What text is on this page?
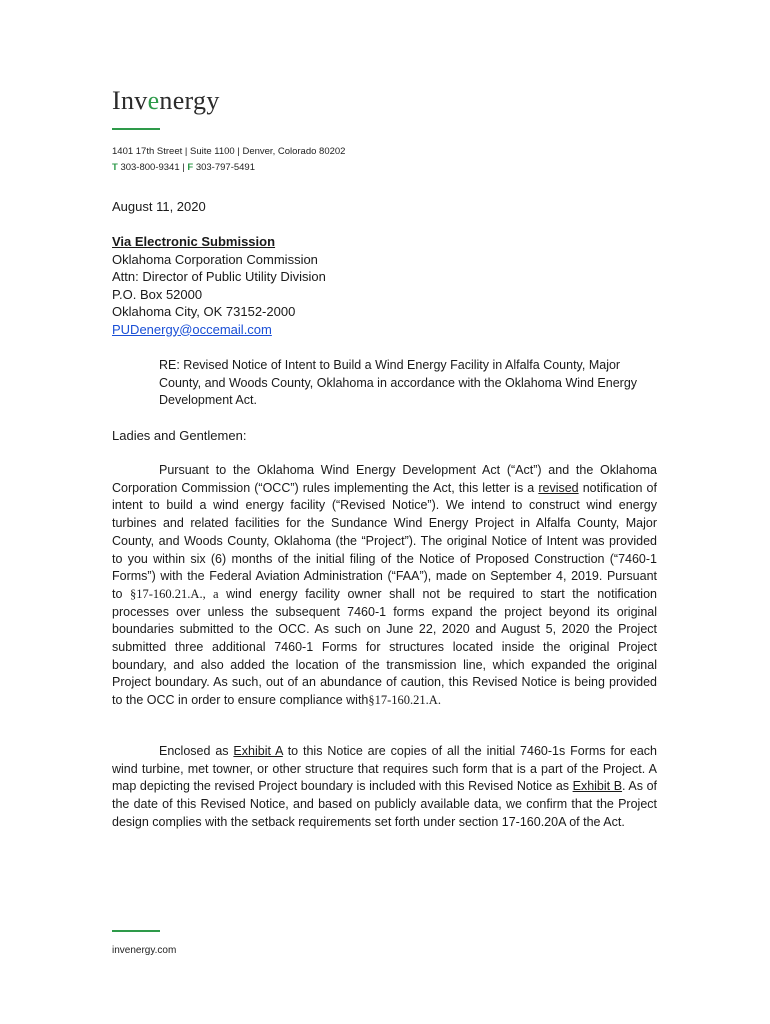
Invenergy
1401 17th Street | Suite 1100 | Denver, Colorado 80202
T 303-800-9341 | F 303-797-5491
August 11, 2020
Via Electronic Submission
Oklahoma Corporation Commission
Attn: Director of Public Utility Division
P.O. Box 52000
Oklahoma City, OK 73152-2000
PUDenergy@occemail.com
RE: Revised Notice of Intent to Build a Wind Energy Facility in Alfalfa County, Major County, and Woods County, Oklahoma in accordance with the Oklahoma Wind Energy Development Act.
Ladies and Gentlemen:
Pursuant to the Oklahoma Wind Energy Development Act (“Act”) and the Oklahoma Corporation Commission (“OCC”) rules implementing the Act, this letter is a revised notification of intent to build a wind energy facility (“Revised Notice”). We intend to construct wind energy turbines and related facilities for the Sundance Wind Energy Project in Alfalfa County, Major County, and Woods County, Oklahoma (the “Project”). The original Notice of Intent was provided to you within six (6) months of the initial filing of the Notice of Proposed Construction (“7460-1 Forms”) with the Federal Aviation Administration (“FAA”), made on September 4, 2019. Pursuant to §17-160.21.A., a wind energy facility owner shall not be required to start the notification processes over unless the subsequent 7460-1 forms expand the project beyond its original boundaries submitted to the OCC. As such on June 22, 2020 and August 5, 2020 the Project submitted three additional 7460-1 Forms for structures located inside the original Project boundary, and also added the location of the transmission line, which expanded the original Project boundary. As such, out of an abundance of caution, this Revised Notice is being provided to the OCC in order to ensure compliance with§17-160.21.A.
Enclosed as Exhibit A to this Notice are copies of all the initial 7460-1s Forms for each wind turbine, met towner, or other structure that requires such form that is a part of the Project. A map depicting the revised Project boundary is included with this Revised Notice as Exhibit B. As of the date of this Revised Notice, and based on publicly available data, we confirm that the Project design complies with the setback requirements set forth under section 17-160.20A of the Act.
invenergy.com
